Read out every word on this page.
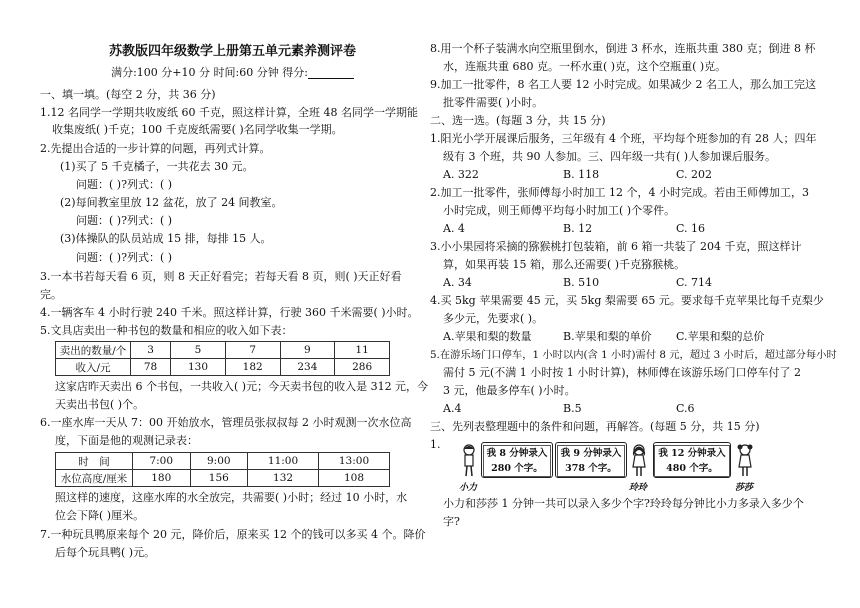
苏教版四年级数学上册第五单元素养测评卷
满分:100 分+10 分 时间:60 分钟 得分:
一、填一填。(每空 2 分，共 36 分)
1.12 名同学一学期共收废纸 60 千克，照这样计算，全班 48 名同学一学期能
收集废纸( )千克；100 千克废纸需要( )名同学收集一学期。
2.先提出合适的一步计算的问题，再列式计算。
(1)买了 5 千克橘子，一共花去 30 元。
问题：( )?列式：( )
(2)每间教室里放 12 盆花，放了 24 间教室。
问题：( )?列式：( )
(3)体操队的队员站成 15 排，每排 15 人。
问题：( )?列式：( )
3.一本书若每天看 6 页，则 8 天正好看完；若每天看 8 页，则( )天正好看
完。
4.一辆客车 4 小时行驶 240 千米。照这样计算，行驶 360 千米需要( )小时。
5.文具店卖出一种书包的数量和相应的收入如下表：
卖出的数量/个	3	5	7	9	11
收入/元	78	130	182	234	286
这家店昨天卖出 6 个书包，一共收入( )元；今天卖书包的收入是 312 元，今
天卖出书包( )个。
6.一座水库一天从 7：00 开始放水，管理员张叔叔每 2 小时观测一次水位高
度，下面是他的观测记录表：
时　间	7:00	9:00	11:00	13:00
水位高度/厘米	180	156	132	108
照这样的速度，这座水库的水全放完，共需要( )小时；经过 10 小时，水
位会下降( )厘米。
7.一种玩具鸭原来每个 20 元，降价后，原来买 12 个的钱可以多买 4 个。降价
后每个玩具鸭( )元。
8.用一个杯子装满水向空瓶里倒水，倒进 3 杯水，连瓶共重 380 克；倒进 8 杯
水，连瓶共重 680 克。一杯水重( )克，这个空瓶重( )克。
9.加工一批零件，8 名工人要 12 小时完成。如果减少 2 名工人，那么加工完这
批零件需要( )小时。
二、选一选。(每题 3 分，共 15 分)
1.阳光小学开展课后服务，三年级有 4 个班，平均每个班参加的有 28 人；四年
级有 3 个班，共 90 人参加。三、四年级一共有( )人参加课后服务。
A. 322	B. 118	C. 202
2.加工一批零件，张师傅每小时加工 12 个，4 小时完成。若由王师傅加工，3
小时完成，则王师傅平均每小时加工( )个零件。
A. 4	B. 12	C. 16
3.小小果园将采摘的猕猴桃打包装箱，前 6 箱一共装了 204 千克，照这样计
算，如果再装 15 箱，那么还需要( )千克猕猴桃。
A. 34	B. 510	C. 714
4.买 5kg 苹果需要 45 元，买 5kg 梨需要 65 元。要求每千克苹果比每千克梨少
多少元，先要求( )。
A.苹果和梨的数量	B.苹果和梨的单价 C.苹果和梨的总价
5.在游乐场门口停车，1 小时以内(含 1 小时)需付 8 元，超过 3 小时后，超过部分每小时
需付 5 元(不满 1 小时按 1 小时计算)，林师傅在该游乐场门口停车付了 2
3 元，他最多停车( )小时。
A.4	B.5	C.6
三、先列表整理题中的条件和问题，再解答。(每题 5 分，共 15 分)
1.
小力
我 8 分钟录入
280 个字。
我 9 分钟录入
378 个字。
玲玲
我 12 分钟录入
480 个字。
莎莎
小力和莎莎 1 分钟一共可以录入多少个字?玲玲每分钟比小力多录入多少个
字?
